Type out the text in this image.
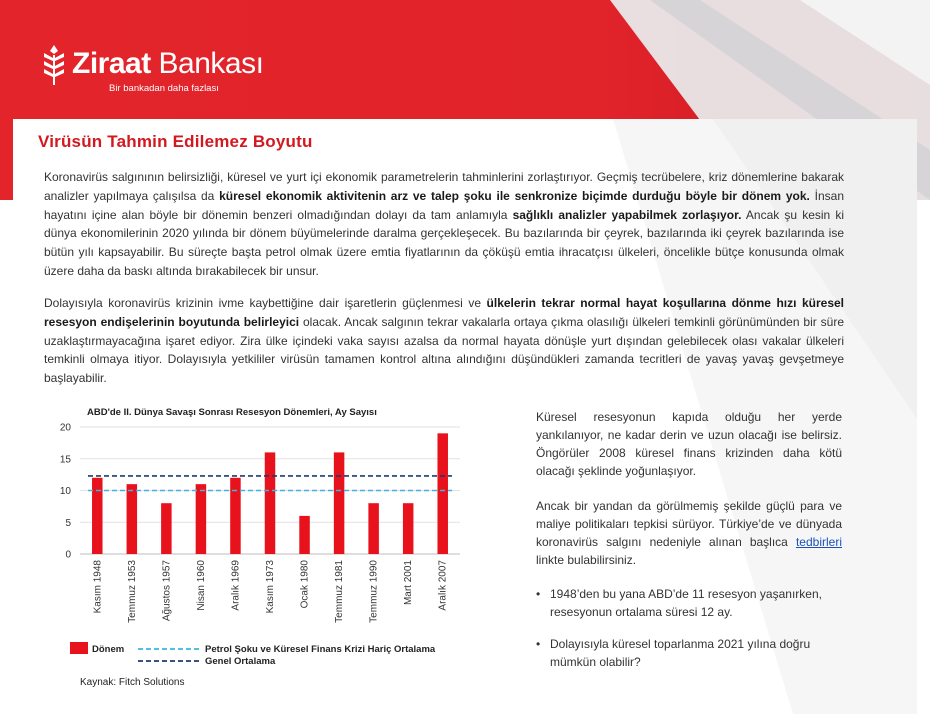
Ziraat Bankası
Bir bankadan daha fazlası
Virüsün Tahmin Edilemez Boyutu

Koronavirüs salgınının belirsizliği, küresel ve yurt içi ekonomik parametrelerin tahminlerini zorlaştırıyor. Geçmiş tecrübelere, kriz dönemlerine bakarak analizler yapılmaya çalışılsa da küresel ekonomik aktivitenin arz ve talep şoku ile senkronize biçimde durduğu böyle bir dönem yok. İnsan hayatını içine alan böyle bir dönemin benzeri olmadığından dolayı da tam anlamıyla sağlıklı analizler yapabilmek zorlaşıyor. Ancak şu kesin ki dünya ekonomilerinin 2020 yılında bir dönem büyümelerinde daralma gerçekleşecek. Bu bazılarında bir çeyrek, bazılarında iki çeyrek bazılarında ise bütün yılı kapsayabilir. Bu süreçte başta petrol olmak üzere emtia fiyatlarının da çöküşü emtia ihracatçısı ülkeleri, öncelikle bütçe konusunda olmak üzere daha da baskı altında bırakabilecek bir unsur.

Dolayısıyla koronavirüs krizinin ivme kaybettiğine dair işaretlerin güçlenmesi ve ülkelerin tekrar normal hayat koşullarına dönme hızı küresel resesyon endişelerinin boyutunda belirleyici olacak. Ancak salgının tekrar vakalarla ortaya çıkma olasılığı ülkeleri temkinli görünümünden bir süre uzaklaştırmayacağına işaret ediyor. Zira ülke içindeki vaka sayısı azalsa da normal hayata dönüşle yurt dışından gelebilecek olası vakalar ülkeleri temkinli olmaya itiyor. Dolayısıyla yetkililer virüsün tamamen kontrol altına alındığını düşündükleri zamanda tecritleri de yavaş yavaş gevşetmeye başlayabilir.

ABD'de II. Dünya Savaşı Sonrası Resesyon Dönemleri, Ay Sayısı
0
5
10
15
20
Kasım 1948 Temmuz 1953 Ağustos 1957 Nisan 1960 Aralık 1969 Kasım 1973 Ocak 1980 Temmuz 1981 Temmuz 1990 Mart 2001 Aralık 2007
Dönem	Petrol Şoku ve Küresel Finans Krizi Hariç Ortalama
Genel Ortalama
Kaynak: Fitch Solutions

Küresel resesyonun kapıda olduğu her yerde yankılanıyor, ne kadar derin ve uzun olacağı ise belirsiz. Öngörüler 2008 küresel finans krizinden daha kötü olacağı şeklinde yoğunlaşıyor.

Ancak bir yandan da görülmemiş şekilde güçlü para ve maliye politikaları tepkisi sürüyor. Türkiye’de ve dünyada koronavirüs salgını nedeniyle alınan başlıca tedbirleri linkte bulabilirsiniz.

• 1948’den bu yana ABD’de 11 resesyon yaşanırken, resesyonun ortalama süresi 12 ay.
• Dolayısıyla küresel toparlanma 2021 yılına doğru mümkün olabilir?
